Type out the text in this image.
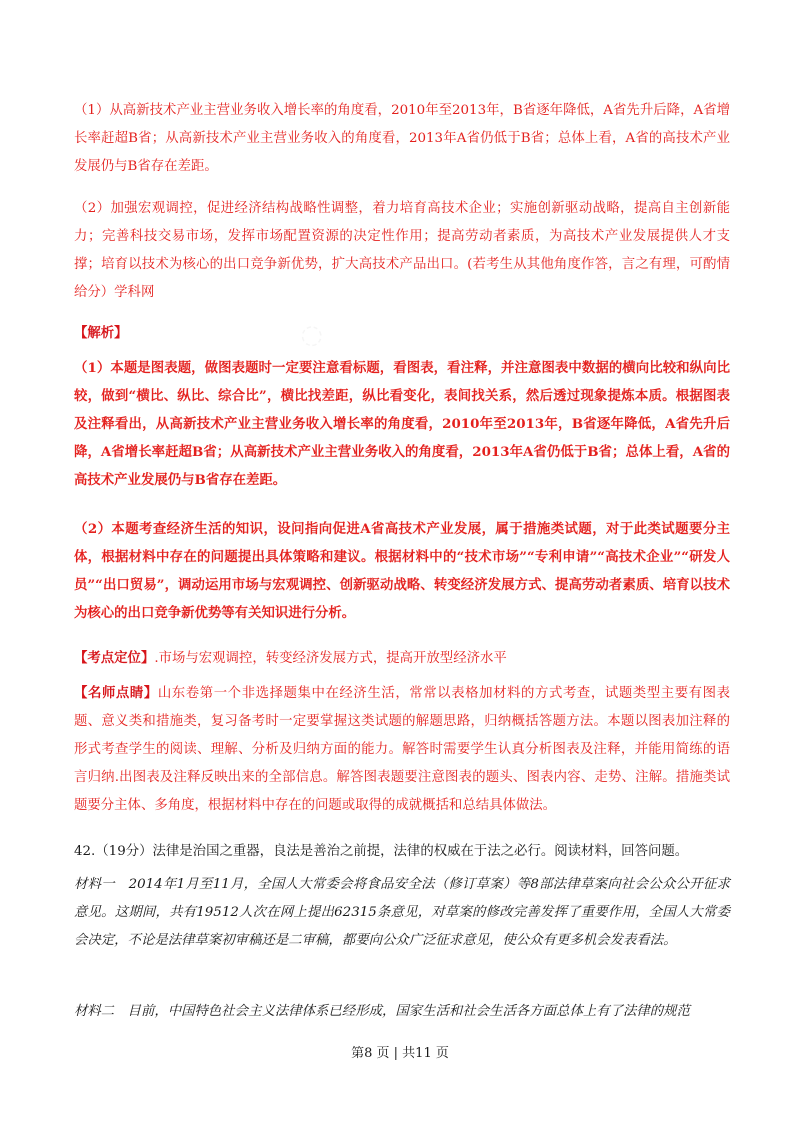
◌

（1）从高新技术产业主营业务收入增长率的角度看，2010年至2013年，B省逐年降低，A省先升后降，A省增长率赶超B省；从高新技术产业主营业务收入的角度看，2013年A省仍低于B省；总体上看，A省的高技术产业发展仍与B省存在差距。

（2）加强宏观调控，促进经济结构战略性调整，着力培育高技术企业；实施创新驱动战略，提高自主创新能力；完善科技交易市场，发挥市场配置资源的决定性作用；提高劳动者素质，为高技术产业发展提供人才支撑；培育以技术为核心的出口竞争新优势，扩大高技术产品出口。(若考生从其他角度作答，言之有理，可酌情给分）学科网

【解析】

（1）本题是图表题，做图表题时一定要注意看标题，看图表，看注释，并注意图表中数据的横向比较和纵向比较，做到“横比、纵比、综合比”，横比找差距，纵比看变化，表间找关系，然后透过现象提炼本质。根据图表及注释看出，从高新技术产业主营业务收入增长率的角度看，2010年至2013年，B省逐年降低，A省先升后降，A省增长率赶超B省；从高新技术产业主营业务收入的角度看，2013年A省仍低于B省；总体上看，A省的高技术产业发展仍与B省存在差距。

（2）本题考查经济生活的知识，设问指向促进A省高技术产业发展，属于措施类试题，对于此类试题要分主体，根据材料中存在的问题提出具体策略和建议。根据材料中的“技术市场”“专利申请”“高技术企业”“研发人员”“出口贸易”，调动运用市场与宏观调控、创新驱动战略、转变经济发展方式、提高劳动者素质、培育以技术为核心的出口竞争新优势等有关知识进行分析。

【考点定位】.市场与宏观调控，转变经济发展方式，提高开放型经济水平

【名师点睛】山东卷第一个非选择题集中在经济生活，常常以表格加材料的方式考查，试题类型主要有图表题、意义类和措施类，复习备考时一定要掌握这类试题的解题思路，归纳概括答题方法。本题以图表加注释的形式考查学生的阅读、理解、分析及归纳方面的能力。解答时需要学生认真分析图表及注释，并能用简练的语言归纳.出图表及注释反映出来的全部信息。解答图表题要注意图表的题头、图表内容、走势、注解。措施类试题要分主体、多角度，根据材料中存在的问题或取得的成就概括和总结具体做法。

42.（19分）法律是治国之重器，良法是善治之前提，法律的权威在于法之必行。阅读材料，回答问题。

材料一　2014年1月至11月，全国人大常委会将食品安全法（修订草案）等8部法律草案向社会公众公开征求意见。这期间，共有19512人次在网上提出62315条意见，对草案的修改完善发挥了重要作用，全国人大常委会决定，不论是法律草案初审稿还是二审稿，都要向公众广泛征求意见，使公众有更多机会发表看法。

材料二　目前，中国特色社会主义法律体系已经形成，国家生活和社会生活各方面总体上有了法律的规范

第8 页 | 共11 页
